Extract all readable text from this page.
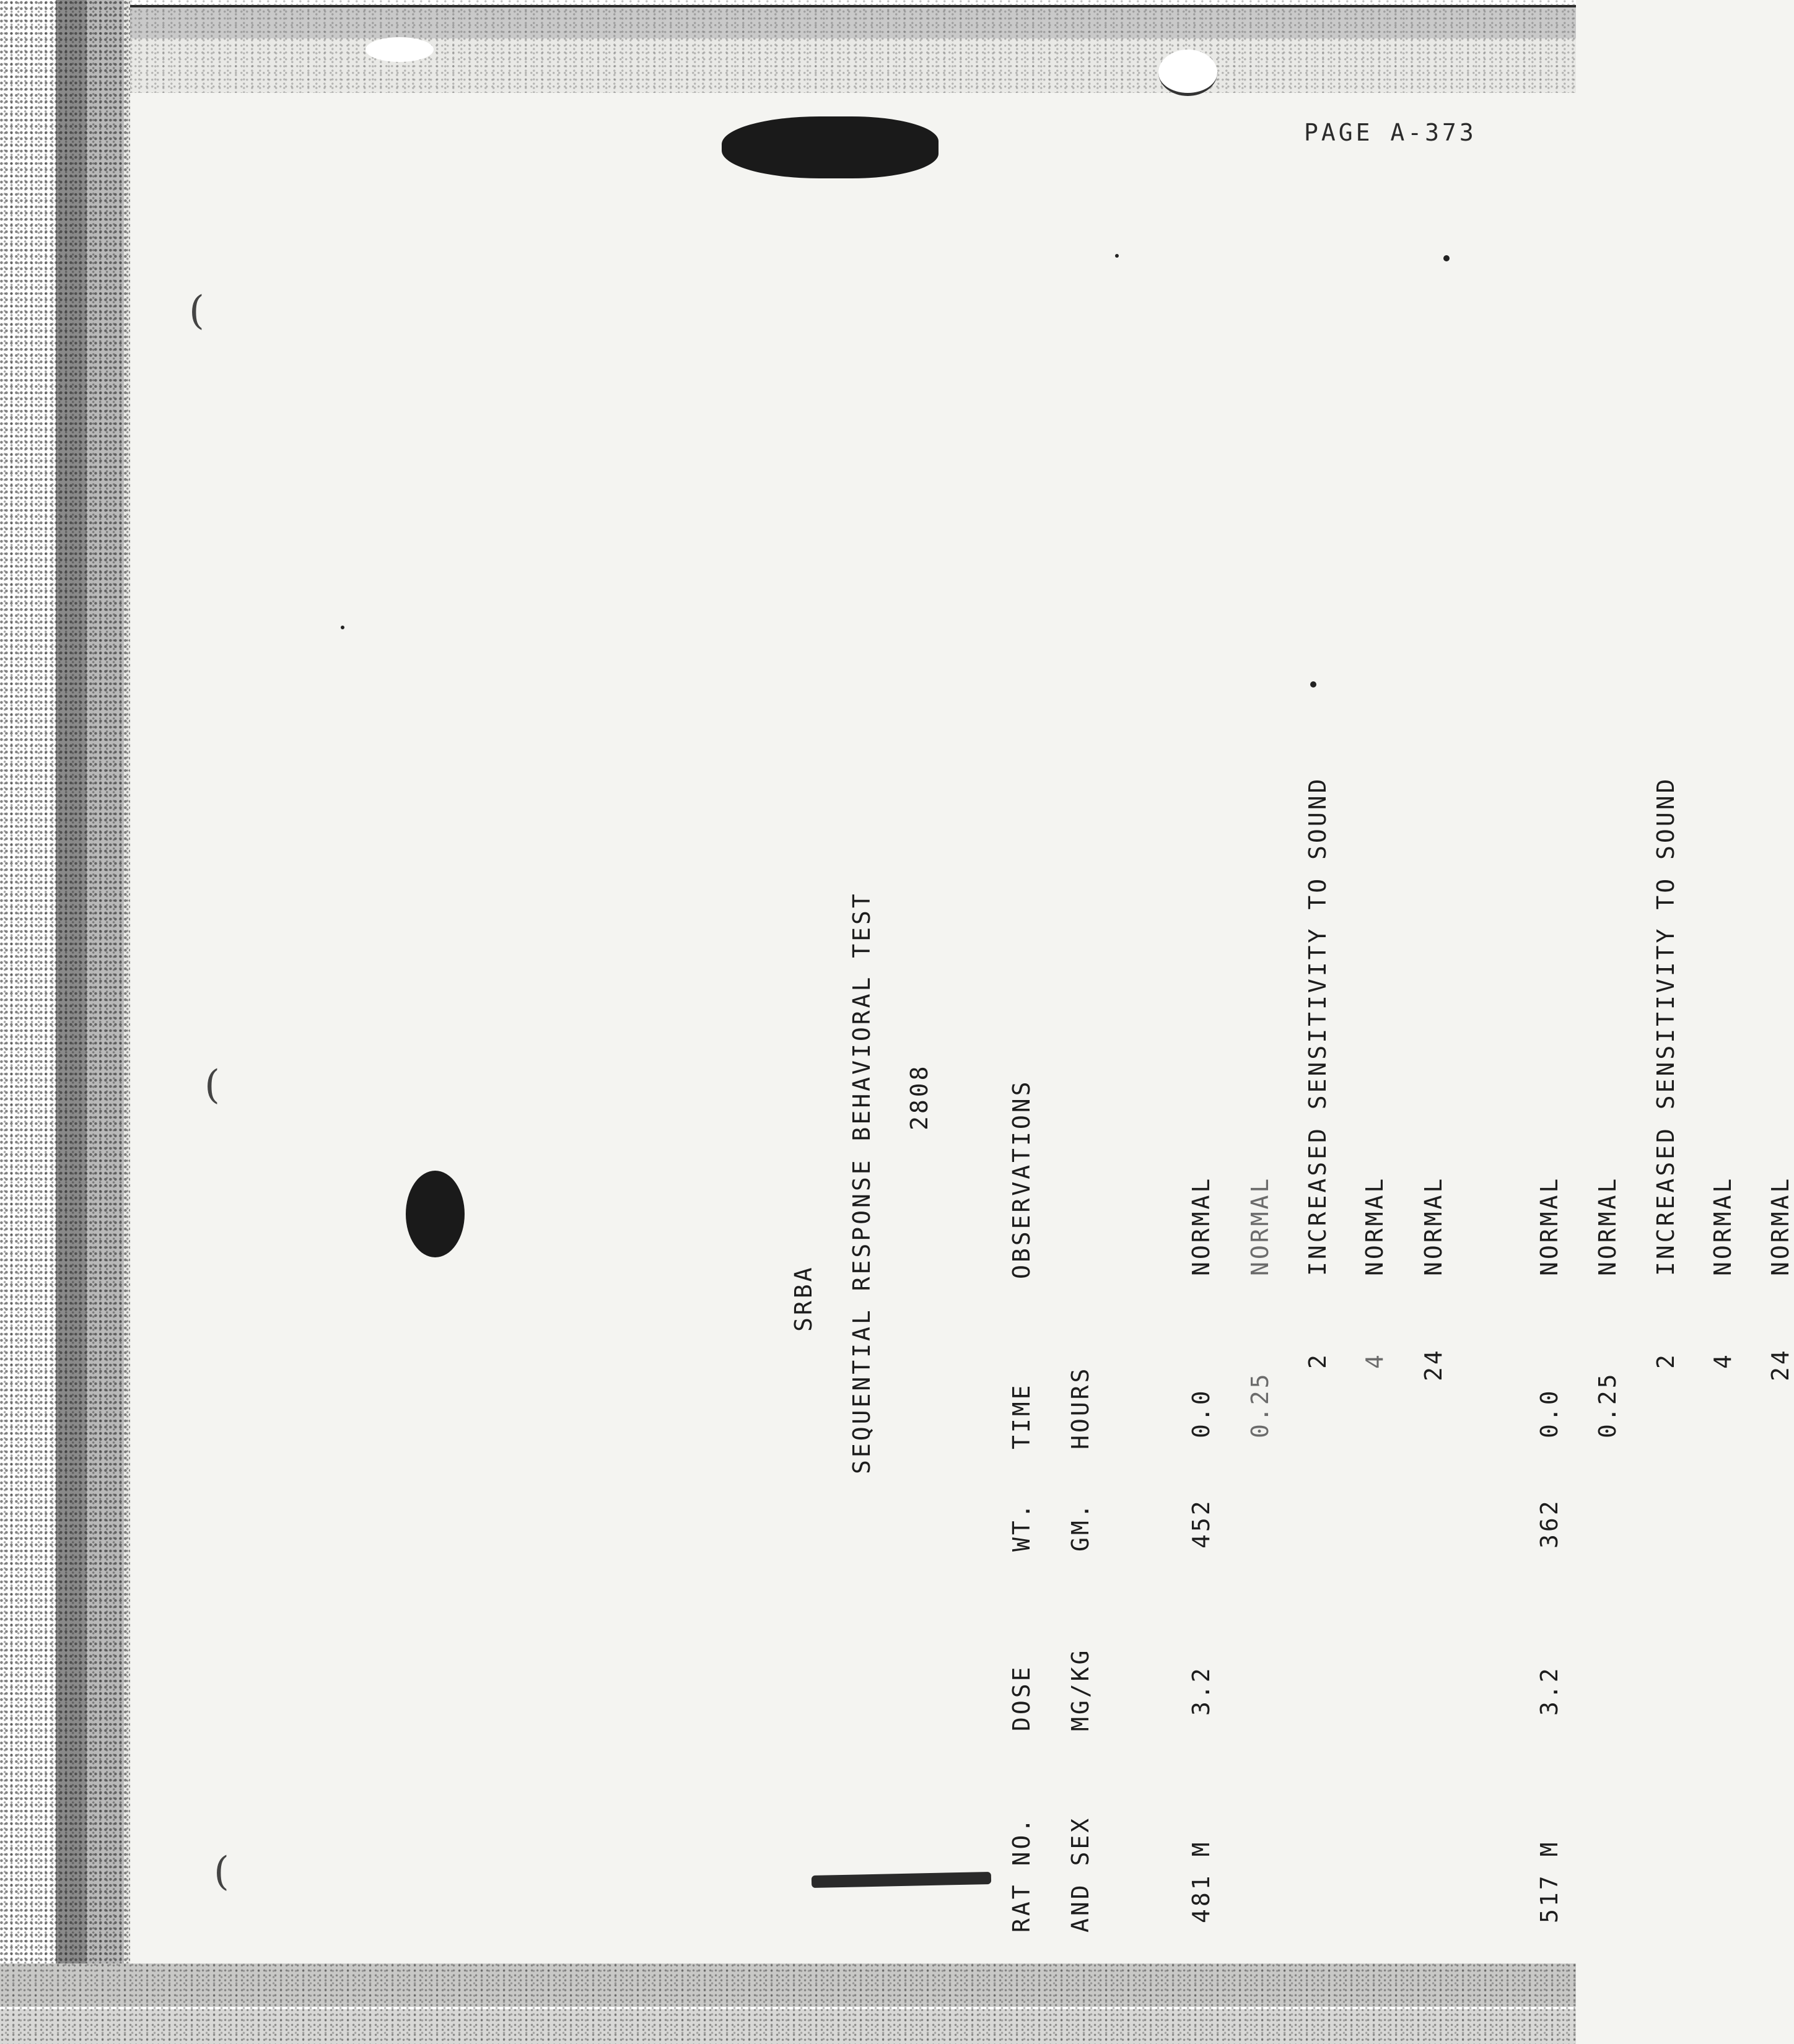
(
(
(
PAGE A-373
SRBA SEQUENTIAL RESPONSE BEHAVIORAL TEST 2808
RAT NO. AND SEX
DOSE MG/KG
WT. GM.
TIME HOURS
OBSERVATIONS
481 M
3.2
452
0.0
NORMAL
0.25
NORMAL
2
INCREASED SENSITIVITY TO SOUND
4
NORMAL
24
NORMAL
517 M
3.2
362
0.0
NORMAL
0.25
NORMAL
2
INCREASED SENSITIVITY TO SOUND
4
NORMAL
24
NORMAL
